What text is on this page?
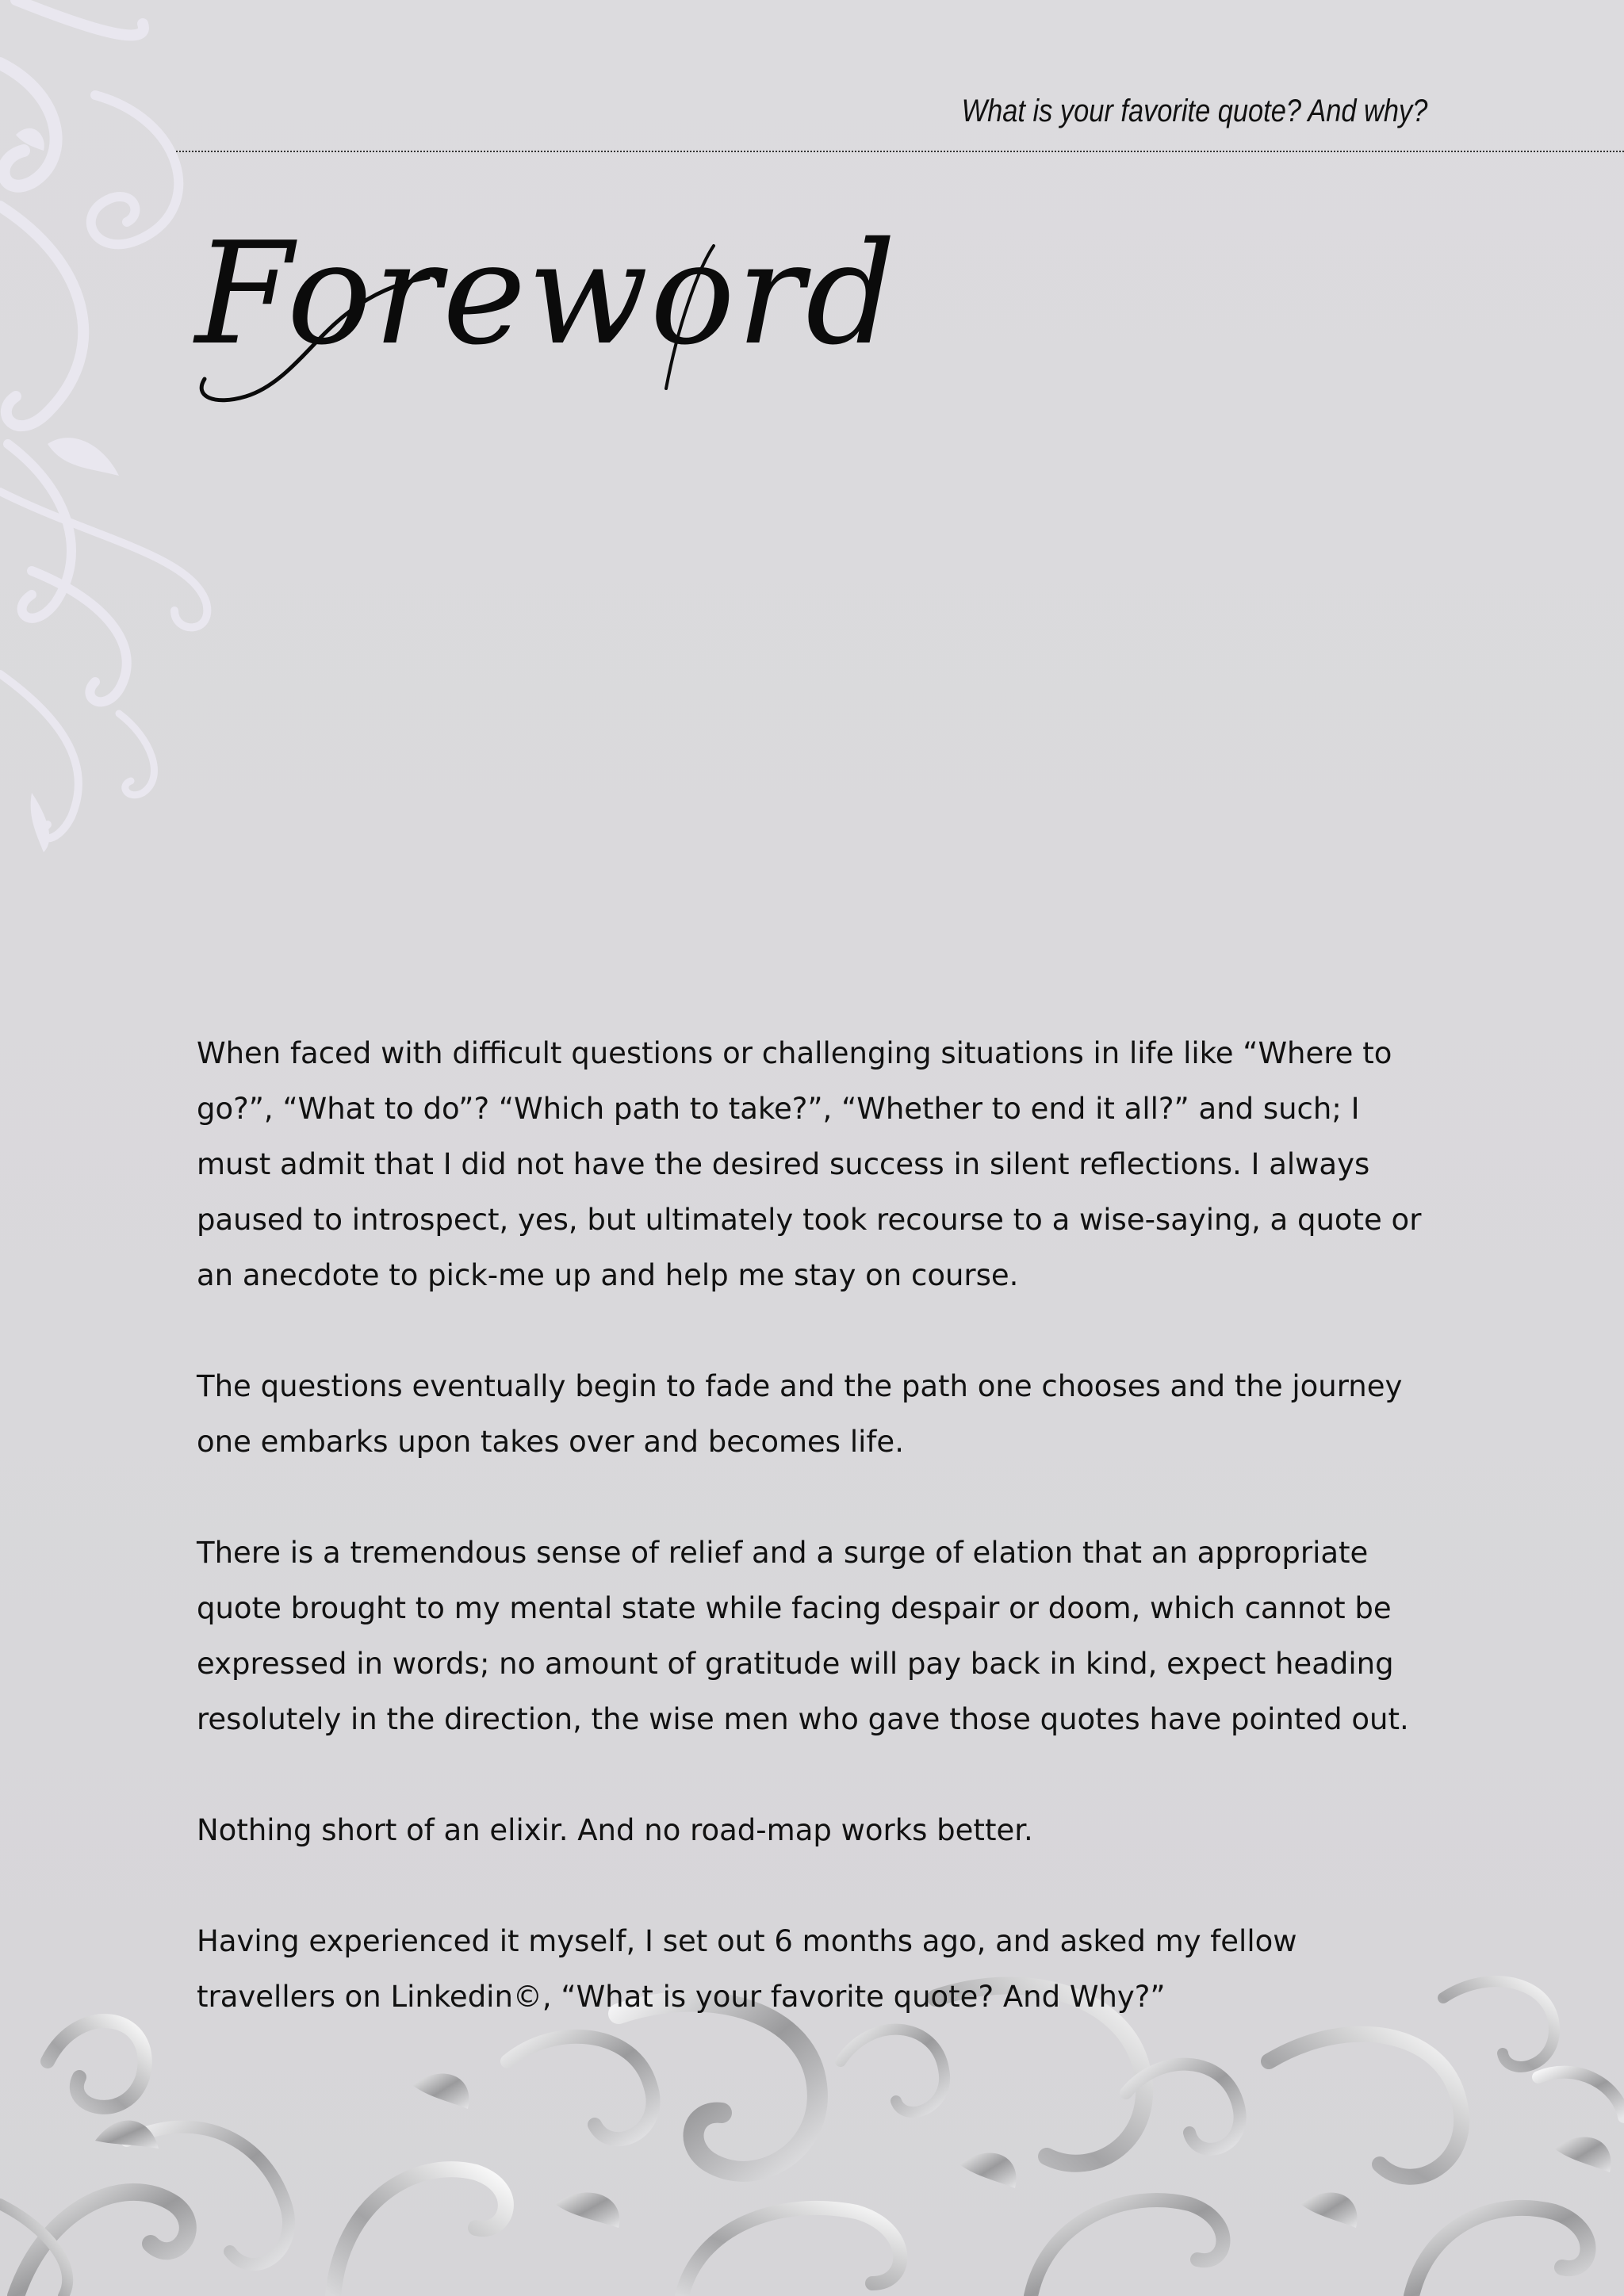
What is your favorite quote? And why?
Foreword

When faced with difficult questions or challenging situations in life like “Where to go?”, “What to do”? “Which path to take?”, “Whether to end it all?” and such; I must admit that I did not have the desired success in silent reflections. I always paused to introspect, yes, but ultimately took recourse to a wise-saying, a quote or an anecdote to pick-me up and help me stay on course.

The questions eventually begin to fade and the path one chooses and the journey one embarks upon takes over and becomes life.

There is a tremendous sense of relief and a surge of elation that an appropriate quote brought to my mental state while facing despair or doom, which cannot be expressed in words; no amount of gratitude will pay back in kind, expect heading resolutely in the direction, the wise men who gave those quotes have pointed out.

Nothing short of an elixir. And no road-map works better.

Having experienced it myself, I set out 6 months ago, and asked my fellow travellers on Linkedin©, “What is your favorite quote? And Why?”
